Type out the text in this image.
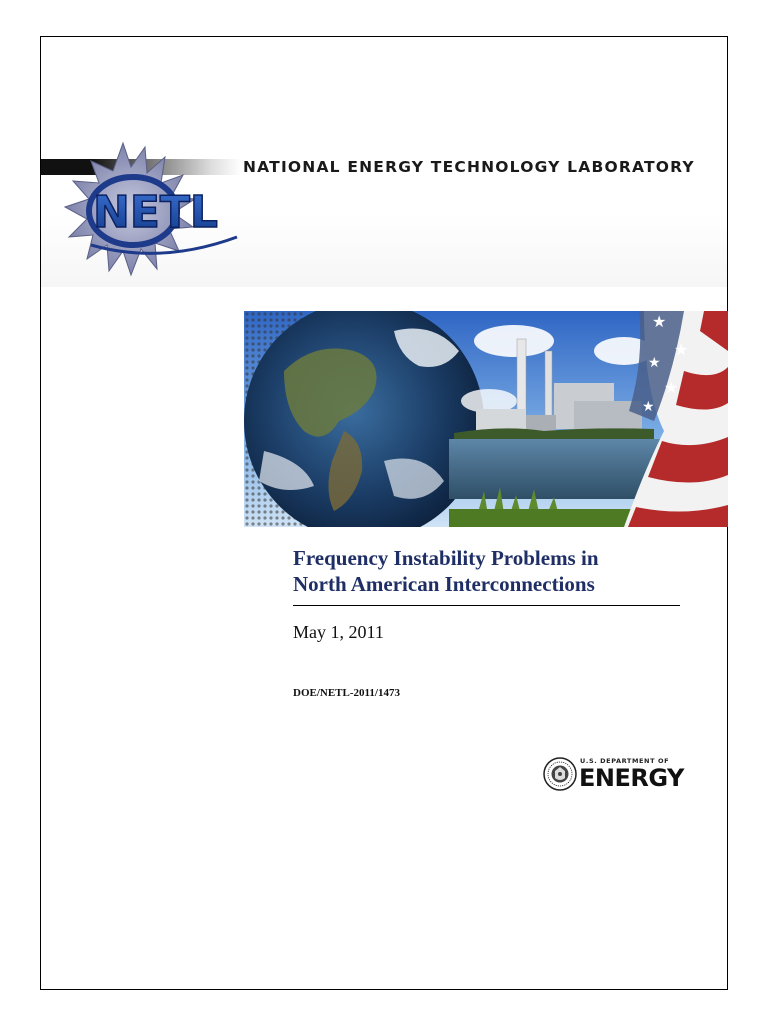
NATIONAL ENERGY TECHNOLOGY LABORATORY
NETL
★
★
★
★
★
Frequency Instability Problems in
North American Interconnections
May 1, 2011
DOE/NETL-2011/1473
U.S. DEPARTMENT OF
ENERGY
